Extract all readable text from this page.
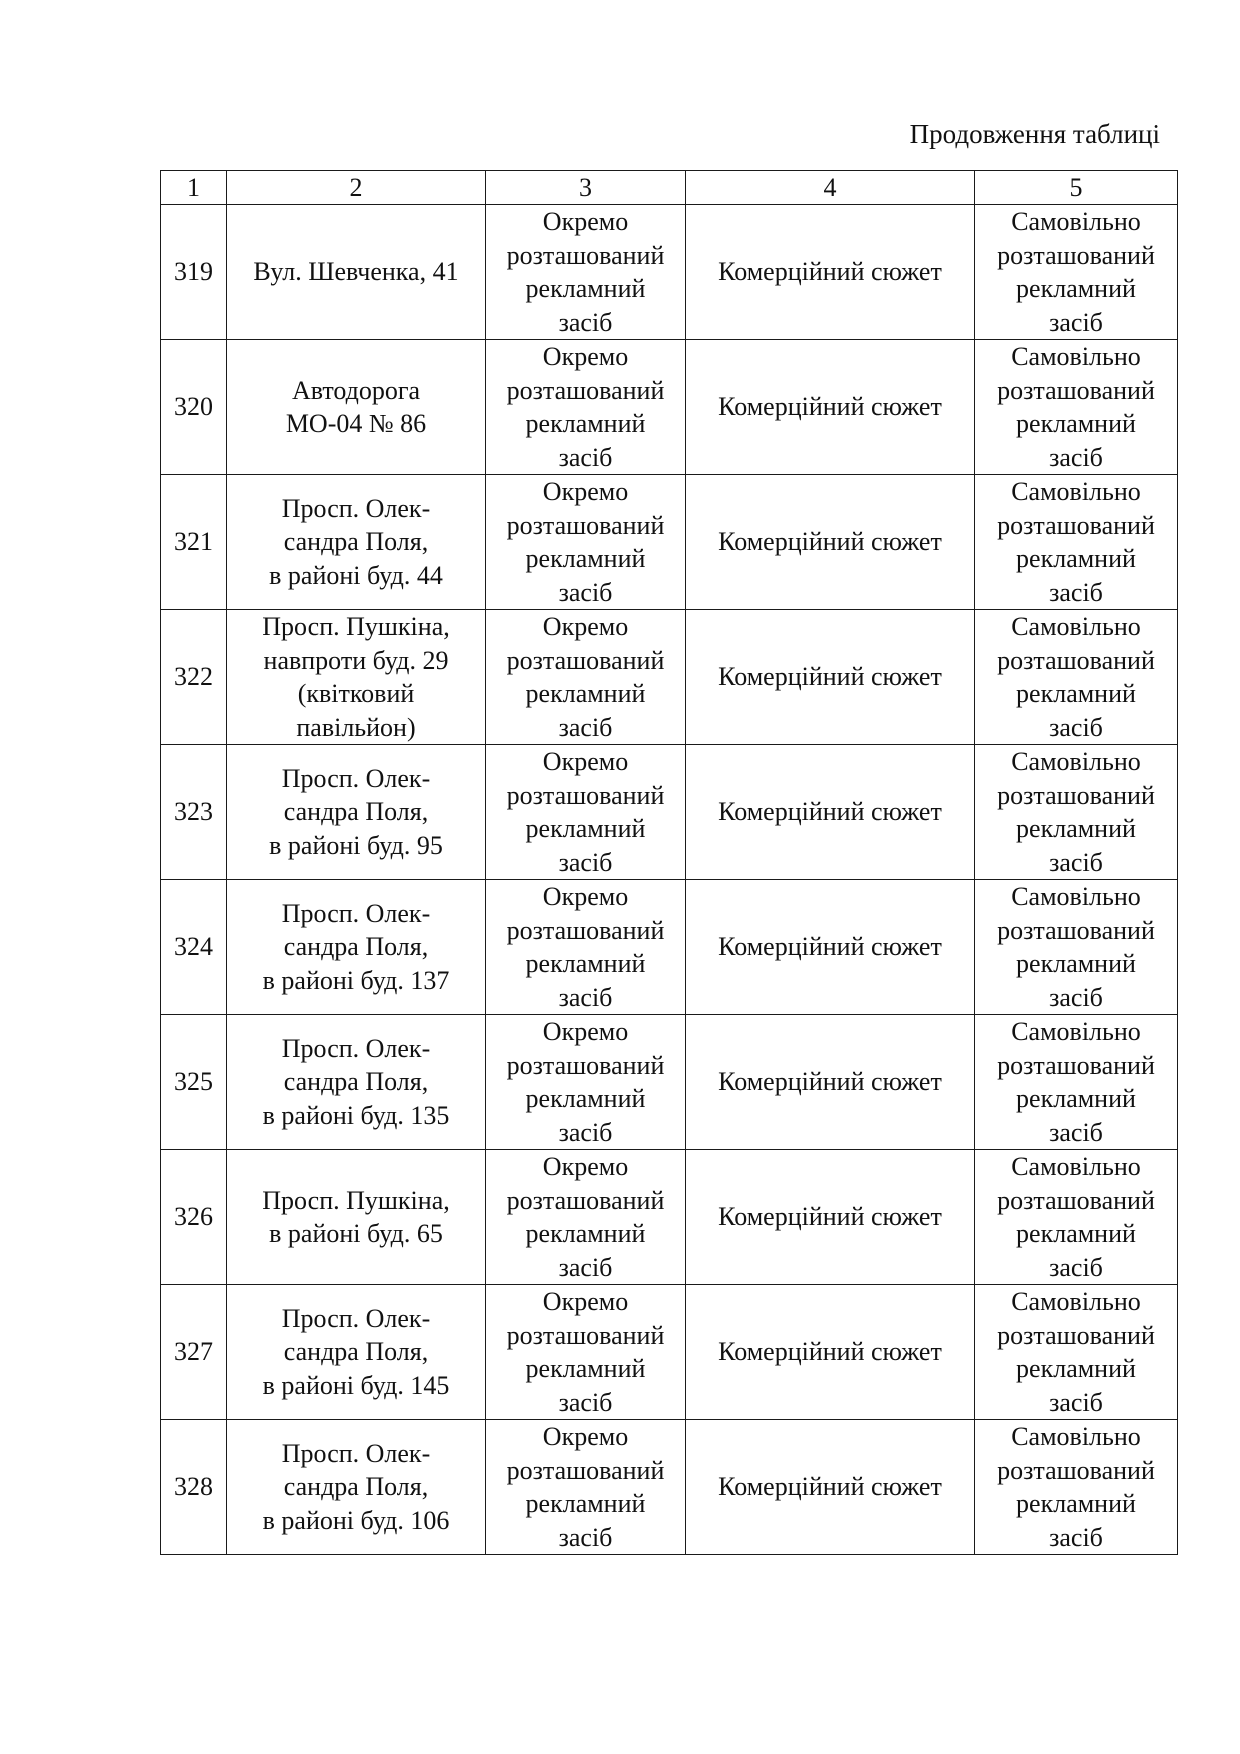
Продовження таблиці
1	2	3	4	5
319	Вул. Шевченка, 41	Окремо
розташований
рекламний
засіб	Комерційний сюжет	Самовільно
розташований
рекламний
засіб
320	Автодорога
МО-04 № 86	Окремо
розташований
рекламний
засіб	Комерційний сюжет	Самовільно
розташований
рекламний
засіб
321	Просп. Олек-
сандра Поля,
в районі буд. 44	Окремо
розташований
рекламний
засіб	Комерційний сюжет	Самовільно
розташований
рекламний
засіб
322	Просп. Пушкіна,
навпроти буд. 29
(квітковий
павільйон)	Окремо
розташований
рекламний
засіб	Комерційний сюжет	Самовільно
розташований
рекламний
засіб
323	Просп. Олек-
сандра Поля,
в районі буд. 95	Окремо
розташований
рекламний
засіб	Комерційний сюжет	Самовільно
розташований
рекламний
засіб
324	Просп. Олек-
сандра Поля,
в районі буд. 137	Окремо
розташований
рекламний
засіб	Комерційний сюжет	Самовільно
розташований
рекламний
засіб
325	Просп. Олек-
сандра Поля,
в районі буд. 135	Окремо
розташований
рекламний
засіб	Комерційний сюжет	Самовільно
розташований
рекламний
засіб
326	Просп. Пушкіна,
в районі буд. 65	Окремо
розташований
рекламний
засіб	Комерційний сюжет	Самовільно
розташований
рекламний
засіб
327	Просп. Олек-
сандра Поля,
в районі буд. 145	Окремо
розташований
рекламний
засіб	Комерційний сюжет	Самовільно
розташований
рекламний
засіб
328	Просп. Олек-
сандра Поля,
в районі буд. 106	Окремо
розташований
рекламний
засіб	Комерційний сюжет	Самовільно
розташований
рекламний
засіб
